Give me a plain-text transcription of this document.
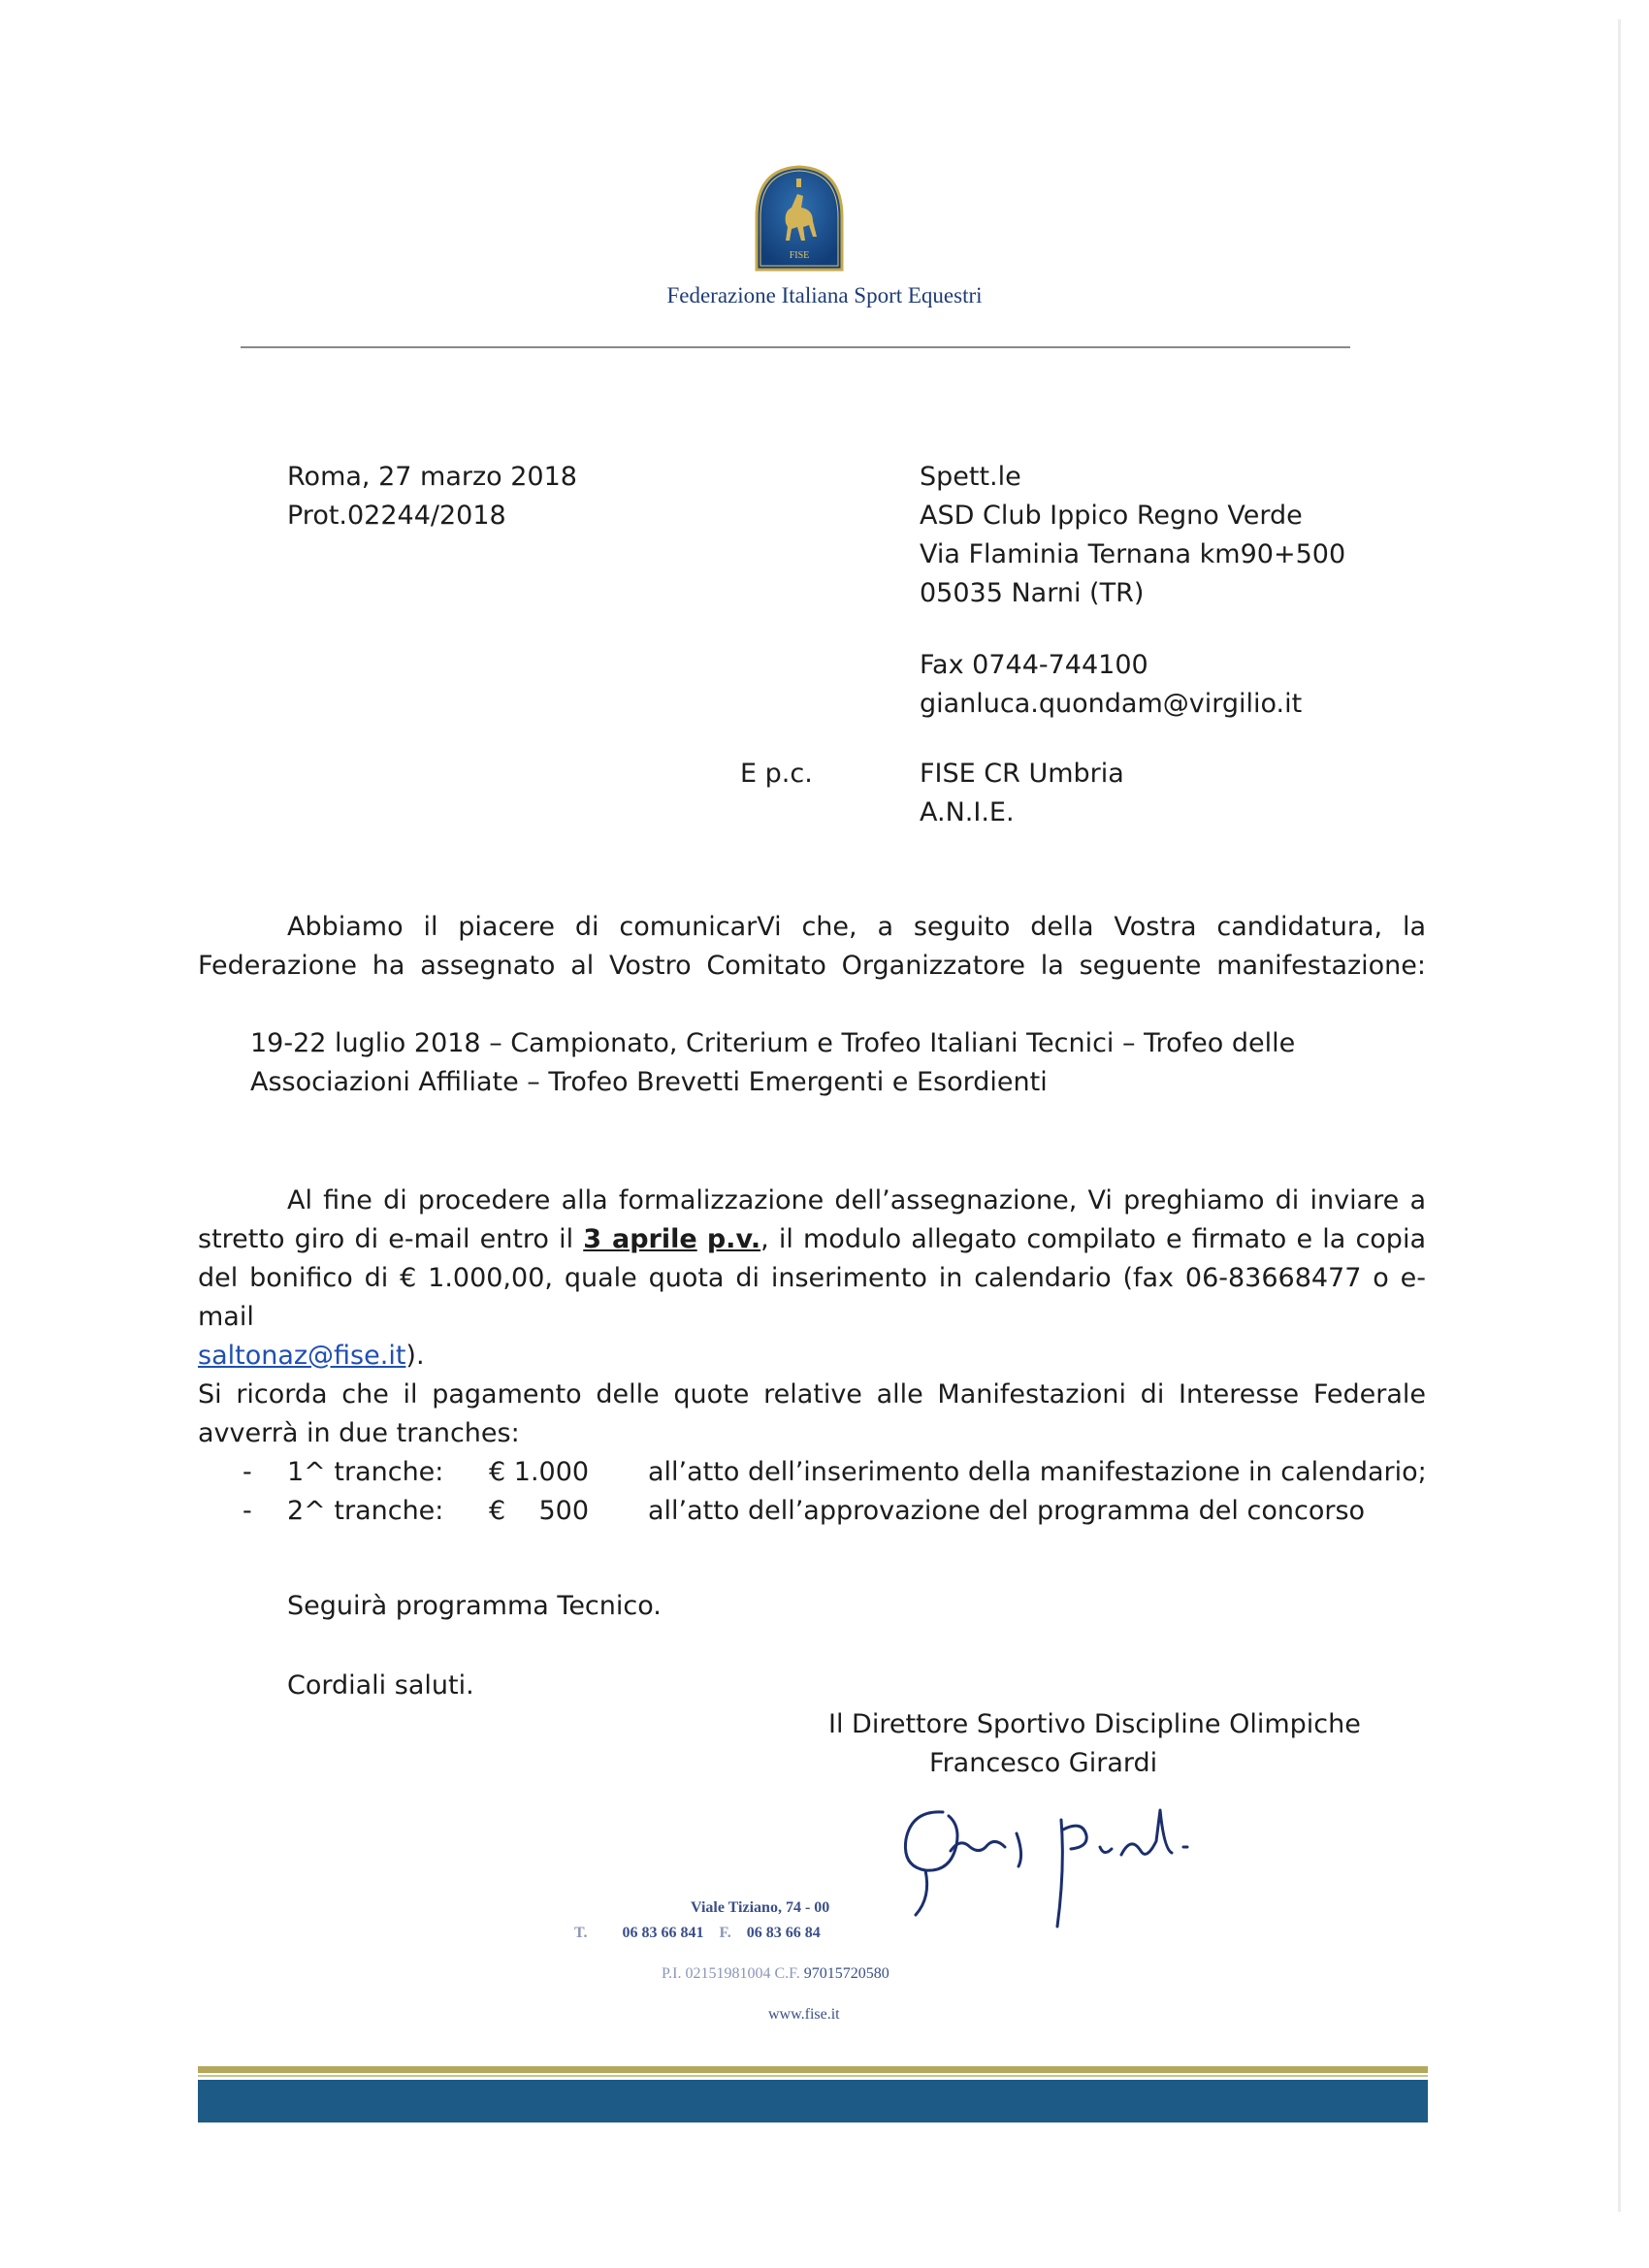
FISE
Federazione Italiana Sport Equestri
Roma, 27 marzo 2018
Prot.02244/2018
Spett.le
ASD Club Ippico Regno Verde
Via Flaminia Ternana km90+500
05035 Narni (TR)
Fax 0744-744100
gianluca.quondam@virgilio.it
E p.c.	FISE CR Umbria
A.N.I.E.
Abbiamo il piacere di comunicarVi che, a seguito della Vostra candidatura, la
Federazione ha assegnato al Vostro Comitato Organizzatore la seguente manifestazione:
19-22 luglio 2018 – Campionato, Criterium e Trofeo Italiani Tecnici – Trofeo delle
Associazioni Affiliate – Trofeo Brevetti Emergenti e Esordienti
Al fine di procedere alla formalizzazione dell’assegnazione, Vi preghiamo di inviare a
stretto giro di e-mail entro il 3 aprile p.v., il modulo allegato compilato e firmato e la copia
del bonifico di € 1.000,00, quale quota di inserimento in calendario (fax 06-83668477 o e-mail
saltonaz@fise.it).
Si ricorda che il pagamento delle quote relative alle Manifestazioni di Interesse Federale
avverrà in due tranches:
- 1^ tranche: € 1.000 all’atto dell’inserimento della manifestazione in calendario;
- 2^ tranche: €    500 all’atto dell’approvazione del programma del concorso
Seguirà programma Tecnico.
Cordiali saluti.
Il Direttore Sportivo Discipline Olimpiche
Francesco Girardi
Viale Tiziano, 74 - 00
T. 06 83 66 841 F. 06 83 66 84
P.I. 02151981004 C.F. 97015720580
www.fise.it
